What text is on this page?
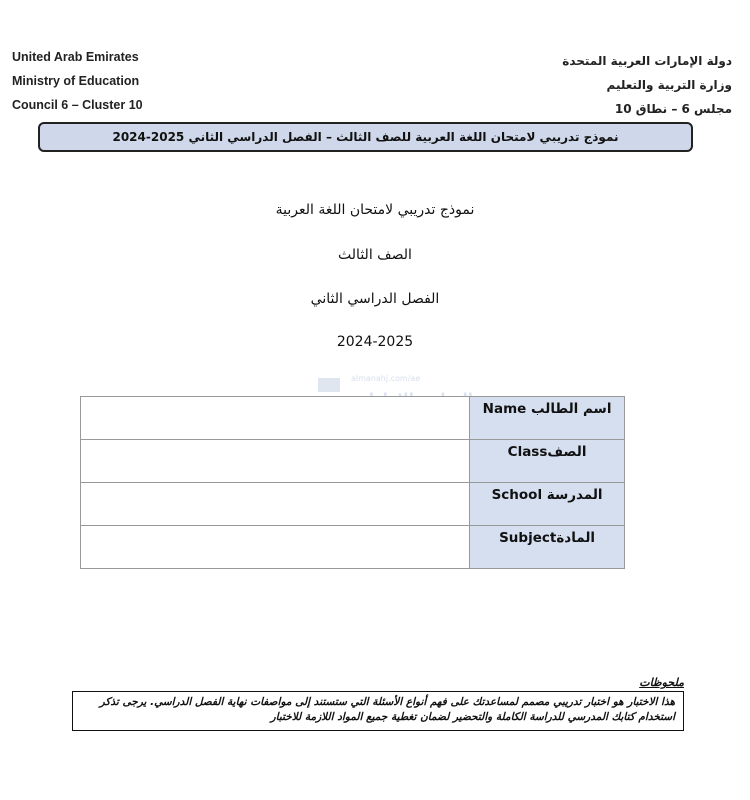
United Arab Emirates
Ministry of Education
Council 6 – Cluster 10
دولة الإمارات العربية المتحدة
وزارة التربية والتعليم
مجلس 6 – نطاق 10
نموذج تدريبي لامتحان اللغة العربية للصف الثالث – الفصل الدراسي الثاني 2025-2024
نموذج تدريبي لامتحان اللغة العربية
الصف الثالث
الفصل الدراسي الثاني
2024-2025
almanahj.com/ae
	اسم الطالب Name
	الصفClass
	المدرسة School
	المادةSubject
ملحوظات
هذا الاختبار هو اختبار تدريبي مصمم لمساعدتك على فهم أنواع الأسئلة التي ستستند إلى مواصفات نهاية الفصل الدراسي. يرجى تذكر استخدام كتابك المدرسي للدراسة الكاملة والتحضير لضمان تغطية جميع المواد اللازمة للاختبار
